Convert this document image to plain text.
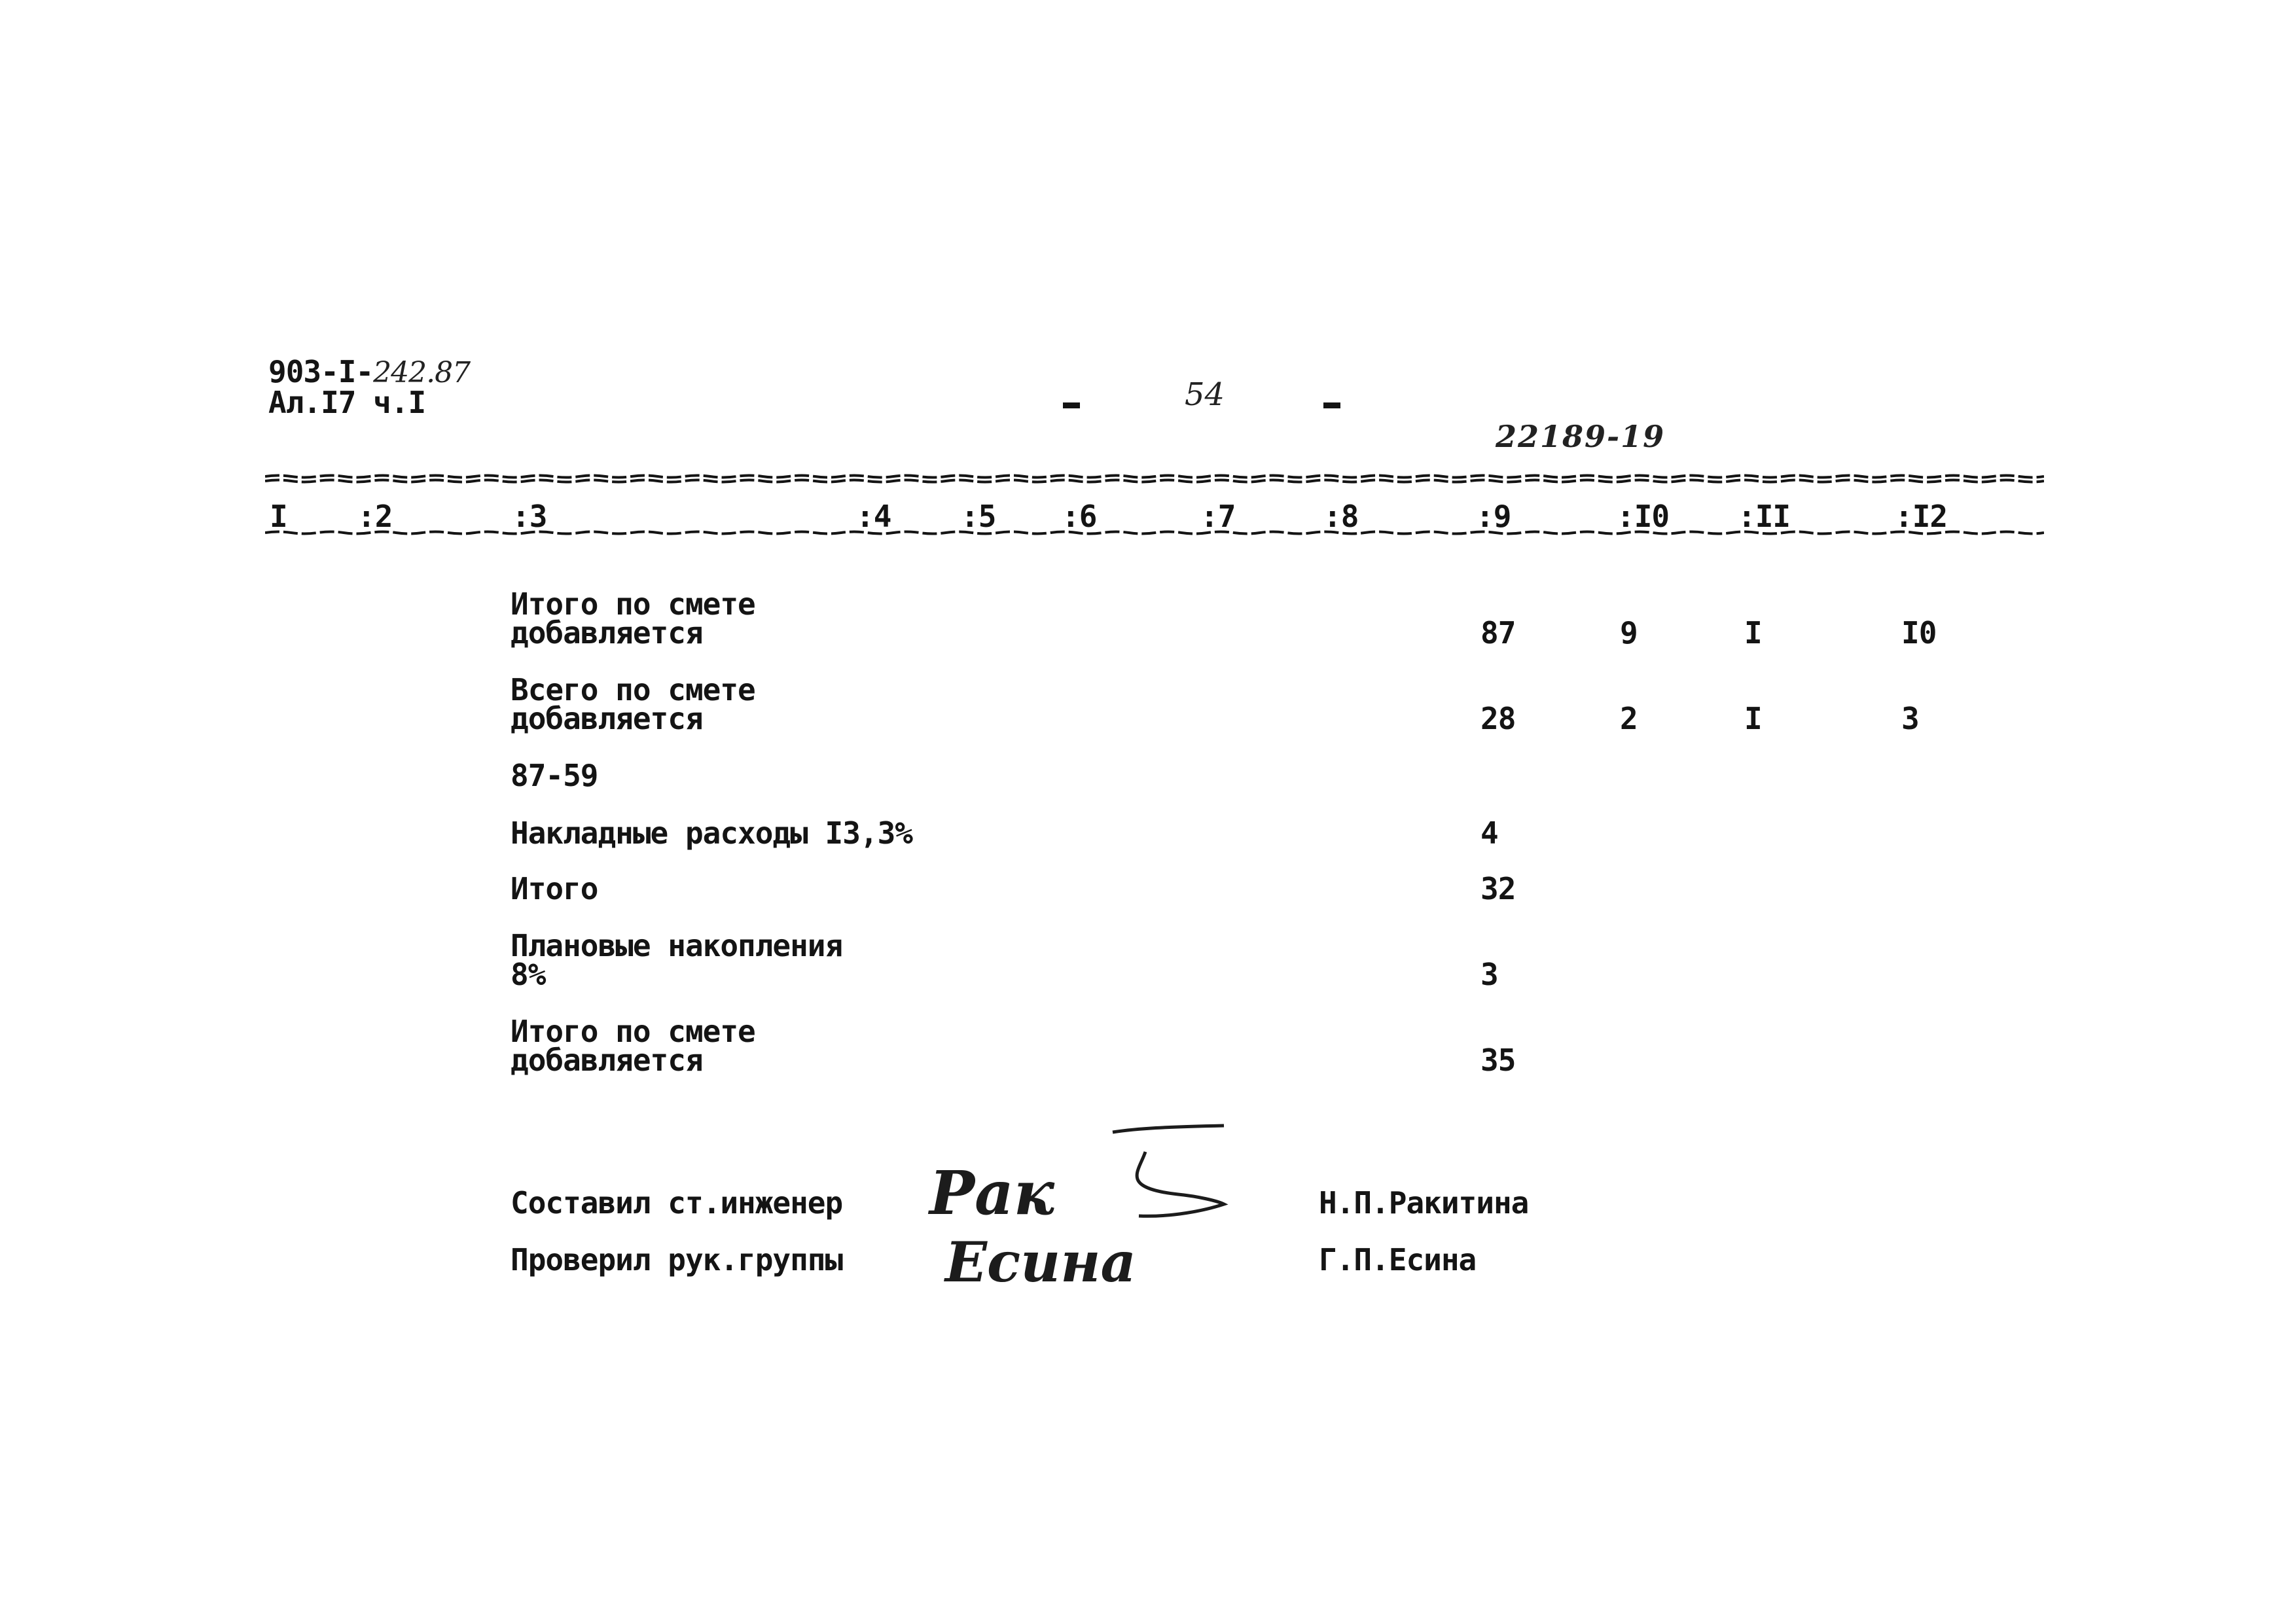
903-I-242.87
Ал.I7 ч.I	54
22189-19
I :2	:3	:4 :5 :6	:7	:8	:9	:I0 :II	:I2
Итого по смете
добавляется	87	9	I	I0
Всего по смете
добавляется	28	2	I	3
87-59
Накладные расходы I3,3%	4
Итого	32
Плановые накопления
8%	3
Итого по смете
добавляется	35
Составил ст.инженер Рак	Н.П.Ракитина
Проверил рук.группы Есина	Г.П.Есина
